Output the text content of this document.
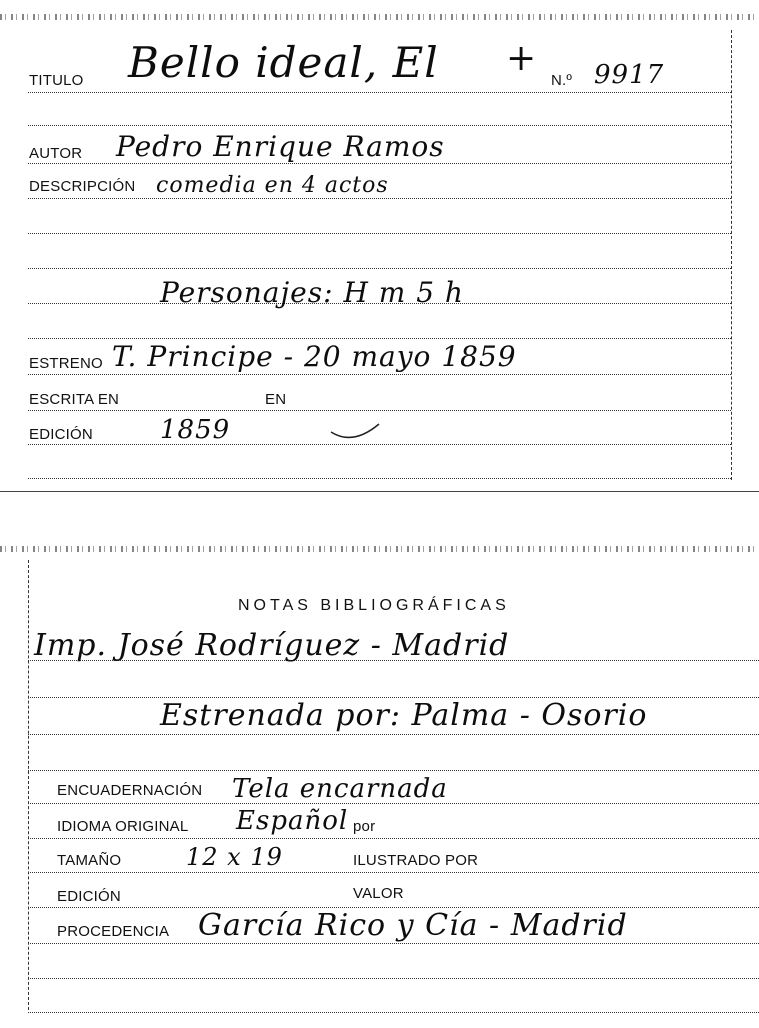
TITULO Bello ideal, El +
N.º 9917
AUTOR Pedro Enrique Ramos
DESCRIPCIÓN comedia en 4 actos
Personajes: H m 5 h
ESTRENO T. Principe - 20 mayo 1859
ESCRITA EN	EN
EDICIÓN	1859
NOTAS BIBLIOGRÁFICAS
Imp. José Rodríguez - Madrid
Estrenada por: Palma - Osorio
ENCUADERNACIÓN Tela encarnada
IDIOMA ORIGINAL Español por
TAMAÑO	12 x 19	ILUSTRADO POR
EDICIÓN	VALOR
PROCEDENCIA García Rico y Cía - Madrid
